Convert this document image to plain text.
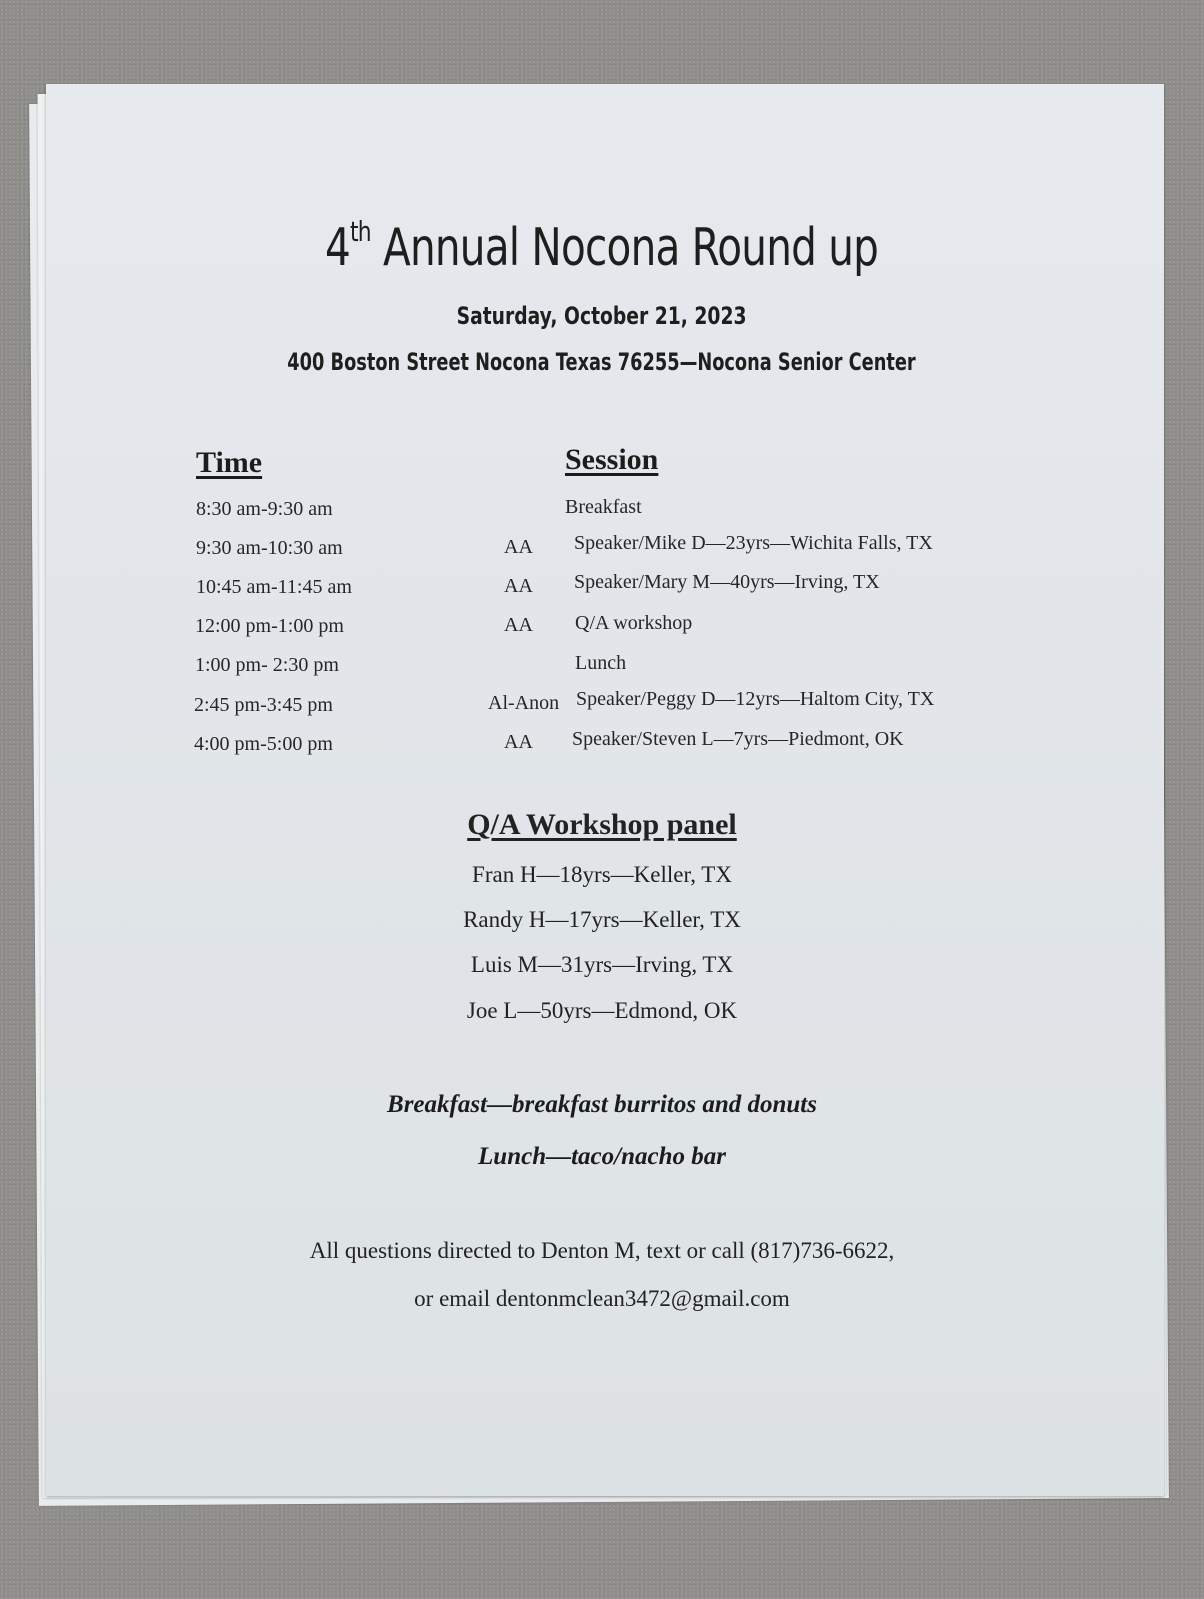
4th Annual Nocona Round up
Saturday, October 21, 2023
400 Boston Street Nocona Texas 76255—Nocona Senior Center
Time	Session
8:30 am-9:30 am	Breakfast
9:30 am-10:30 am	AA Speaker/Mike D—23yrs—Wichita Falls, TX
10:45 am-11:45 am	AA Speaker/Mary M—40yrs—Irving, TX
12:00 pm-1:00 pm	AA Q/A workshop
1:00 pm- 2:30 pm	Lunch
2:45 pm-3:45 pm	Al-Anon Speaker/Peggy D—12yrs—Haltom City, TX
4:00 pm-5:00 pm	AA Speaker/Steven L—7yrs—Piedmont, OK
Q/A Workshop panel
Fran H—18yrs—Keller, TX
Randy H—17yrs—Keller, TX
Luis M—31yrs—Irving, TX
Joe L—50yrs—Edmond, OK
Breakfast—breakfast burritos and donuts
Lunch—taco/nacho bar
All questions directed to Denton M, text or call (817)736-6622,
or email dentonmclean3472@gmail.com
